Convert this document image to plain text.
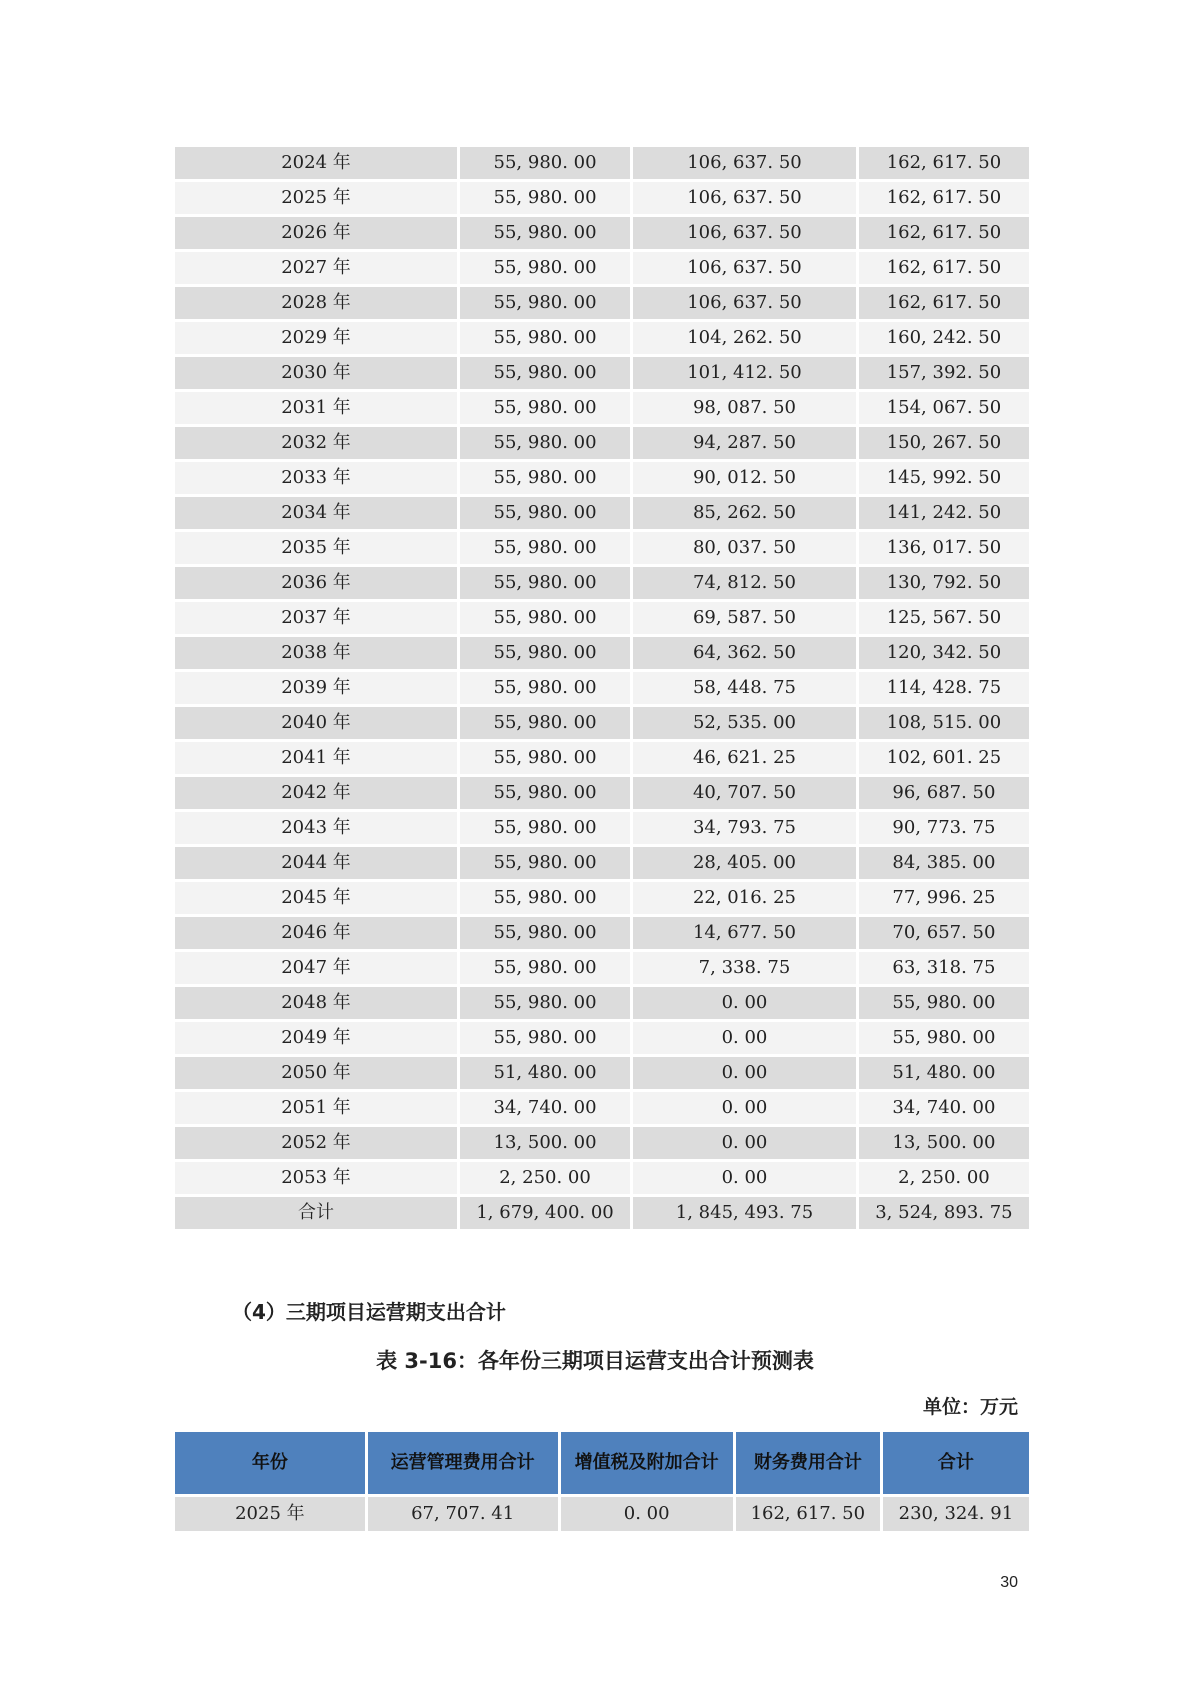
2024 年	55, 980. 00	106, 637. 50	162, 617. 50
2025 年	55, 980. 00	106, 637. 50	162, 617. 50
2026 年	55, 980. 00	106, 637. 50	162, 617. 50
2027 年	55, 980. 00	106, 637. 50	162, 617. 50
2028 年	55, 980. 00	106, 637. 50	162, 617. 50
2029 年	55, 980. 00	104, 262. 50	160, 242. 50
2030 年	55, 980. 00	101, 412. 50	157, 392. 50
2031 年	55, 980. 00	98, 087. 50	154, 067. 50
2032 年	55, 980. 00	94, 287. 50	150, 267. 50
2033 年	55, 980. 00	90, 012. 50	145, 992. 50
2034 年	55, 980. 00	85, 262. 50	141, 242. 50
2035 年	55, 980. 00	80, 037. 50	136, 017. 50
2036 年	55, 980. 00	74, 812. 50	130, 792. 50
2037 年	55, 980. 00	69, 587. 50	125, 567. 50
2038 年	55, 980. 00	64, 362. 50	120, 342. 50
2039 年	55, 980. 00	58, 448. 75	114, 428. 75
2040 年	55, 980. 00	52, 535. 00	108, 515. 00
2041 年	55, 980. 00	46, 621. 25	102, 601. 25
2042 年	55, 980. 00	40, 707. 50	96, 687. 50
2043 年	55, 980. 00	34, 793. 75	90, 773. 75
2044 年	55, 980. 00	28, 405. 00	84, 385. 00
2045 年	55, 980. 00	22, 016. 25	77, 996. 25
2046 年	55, 980. 00	14, 677. 50	70, 657. 50
2047 年	55, 980. 00	7, 338. 75	63, 318. 75
2048 年	55, 980. 00	0. 00	55, 980. 00
2049 年	55, 980. 00	0. 00	55, 980. 00
2050 年	51, 480. 00	0. 00	51, 480. 00
2051 年	34, 740. 00	0. 00	34, 740. 00
2052 年	13, 500. 00	0. 00	13, 500. 00
2053 年	2, 250. 00	0. 00	2, 250. 00
合计	1, 679, 400. 00	1, 845, 493. 75	3, 524, 893. 75
（4）三期项目运营期支出合计
表 3-16：各年份三期项目运营支出合计预测表
单位：万元
年份	运营管理费用合计	增值税及附加合计	财务费用合计	合计
2025 年	67, 707. 41	0. 00	162, 617. 50	230, 324. 91
30
